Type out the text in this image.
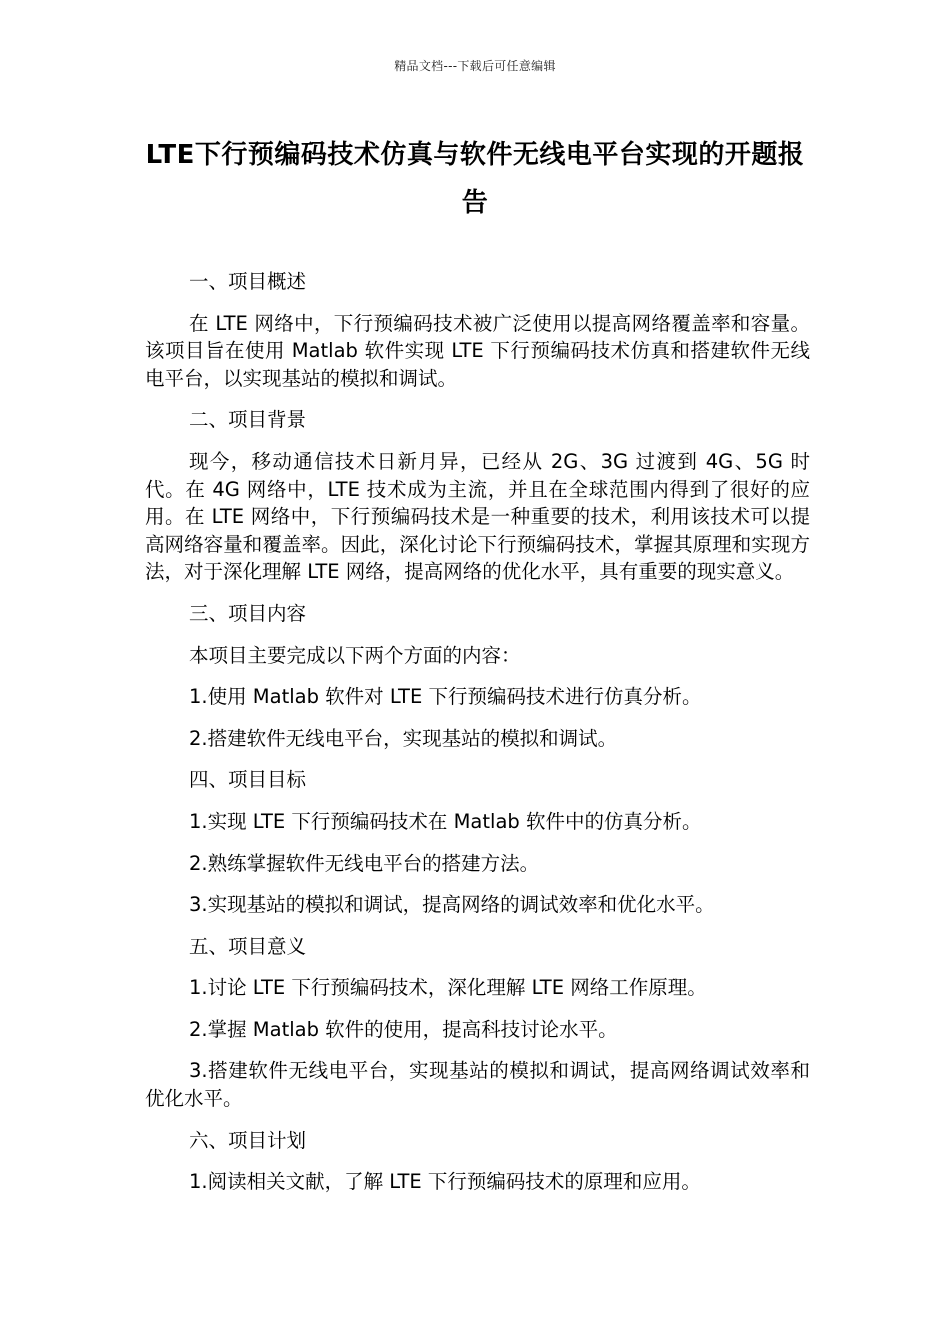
精品文档---下载后可任意编辑
LTE下行预编码技术仿真与软件无线电平台实现的开题报告

一、项目概述

在 LTE 网络中，下行预编码技术被广泛使用以提高网络覆盖率和容量。该项目旨在使用 Matlab 软件实现 LTE 下行预编码技术仿真和搭建软件无线电平台，以实现基站的模拟和调试。

二、项目背景

现今，移动通信技术日新月异，已经从 2G、3G 过渡到 4G、5G 时代。在 4G 网络中，LTE 技术成为主流，并且在全球范围内得到了很好的应用。在 LTE 网络中，下行预编码技术是一种重要的技术，利用该技术可以提高网络容量和覆盖率。因此，深化讨论下行预编码技术，掌握其原理和实现方法，对于深化理解 LTE 网络，提高网络的优化水平，具有重要的现实意义。

三、项目内容

本项目主要完成以下两个方面的内容：

1.使用 Matlab 软件对 LTE 下行预编码技术进行仿真分析。

2.搭建软件无线电平台，实现基站的模拟和调试。

四、项目目标

1.实现 LTE 下行预编码技术在 Matlab 软件中的仿真分析。

2.熟练掌握软件无线电平台的搭建方法。

3.实现基站的模拟和调试，提高网络的调试效率和优化水平。

五、项目意义

1.讨论 LTE 下行预编码技术，深化理解 LTE 网络工作原理。

2.掌握 Matlab 软件的使用，提高科技讨论水平。

3.搭建软件无线电平台，实现基站的模拟和调试，提高网络调试效率和优化水平。

六、项目计划

1.阅读相关文献，了解 LTE 下行预编码技术的原理和应用。
